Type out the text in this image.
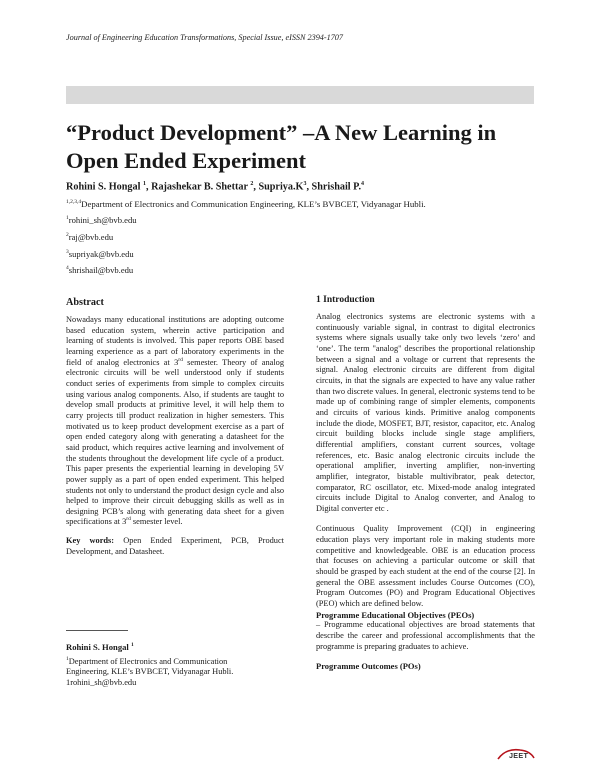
Journal of Engineering Education Transformations, Special Issue, eISSN 2394-1707
“Product Development” –A New Learning in
Open Ended Experiment
Rohini S. Hongal $^1$, Rajashekar B. Shettar $^2$, $Supriya.K^3$, Shrishail P.$^4$
$^{1,2,3,4}$Department of Electronics and Communication Engineering, KLE’s BVBCET, Vidyanagar Hubli.
$^1$rohini_sh@bvb.edu
$^2$raj@bvb.edu
$^3$supriyak@bvb.edu
$^4$shrishail@bvb.edu
Abstract
Nowadays many educational institutions are adopting outcome based education system, wherein active participation and learning of students is involved. This paper reports OBE based learning experience as a part of laboratory experiments in the field of analog electronics at 3rd semester. Theory of analog electronic circuits will be well understood only if students conduct series of experiments from simple to complex circuits using various analog components. Also, if students are taught to develop small products at primitive level, it will help them to carry projects till product realization in higher semesters. This motivated us to keep product development exercise as a part of open ended category along with generating a datasheet for the said product, which requires active learning and involvement of the students throughout the development life cycle of a product. This paper presents the experiential learning in developing 5V power supply as a part of open ended experiment. This helped students not only to understand the product design cycle and also helped to improve their circuit debugging skills as well as in designing PCB’s along with generating data sheet for a given specifications at 3rd semester level.
Key words: Open Ended Experiment, PCB, Product Development, and Datasheet.
Rohini S. Hongal $^1$
$^1$Department of Electronics and Communication
Engineering, KLE’s BVBCET, Vidyanagar Hubli.
1rohini_sh@bvb.edu
1 Introduction

Analog electronics systems are electronic systems with a continuously variable signal, in contrast to digital electronics systems where signals usually take only two levels ‘zero’ and ‘one’. The term "analog" describes the proportional relationship between a signal and a voltage or current that represents the signal. Analog electronic circuits are different from digital circuits, in that the signals are expected to have any value rather than two discrete values. In general, electronic systems tend to be made up of combining range of simpler elements, components and circuits of various kinds. Primitive analog components include the diode, MOSFET, BJT, resistor, capacitor, etc. Analog circuit building blocks include single stage amplifiers, differential amplifiers, constant current sources, voltage references, etc. Basic analog electronic circuits include the operational amplifier, inverting amplifier, non-inverting amplifier, integrator, bistable multivibrator, peak detector, comparator, RC oscillator, etc. Mixed-mode analog integrated circuits include Digital to Analog converter, and Analog to Digital converter etc .

Continuous Quality Improvement (CQI) in engineering education plays very important role in making students more competitive and knowledgeable. OBE is an education process that focuses on achieving a particular outcome or skill that should be grasped by each student at the end of the course [2]. In general the OBE assessment includes Course Outcomes (CO), Program Outcomes (PO) and Program Educational Objectives (PEO) which are defined below.

Programme Educational Objectives (PEOs)

– Programme educational objectives are broad statements that describe the career and professional accomplishments that the programme is preparing graduates to achieve.

Programme Outcomes (POs)
JEET
